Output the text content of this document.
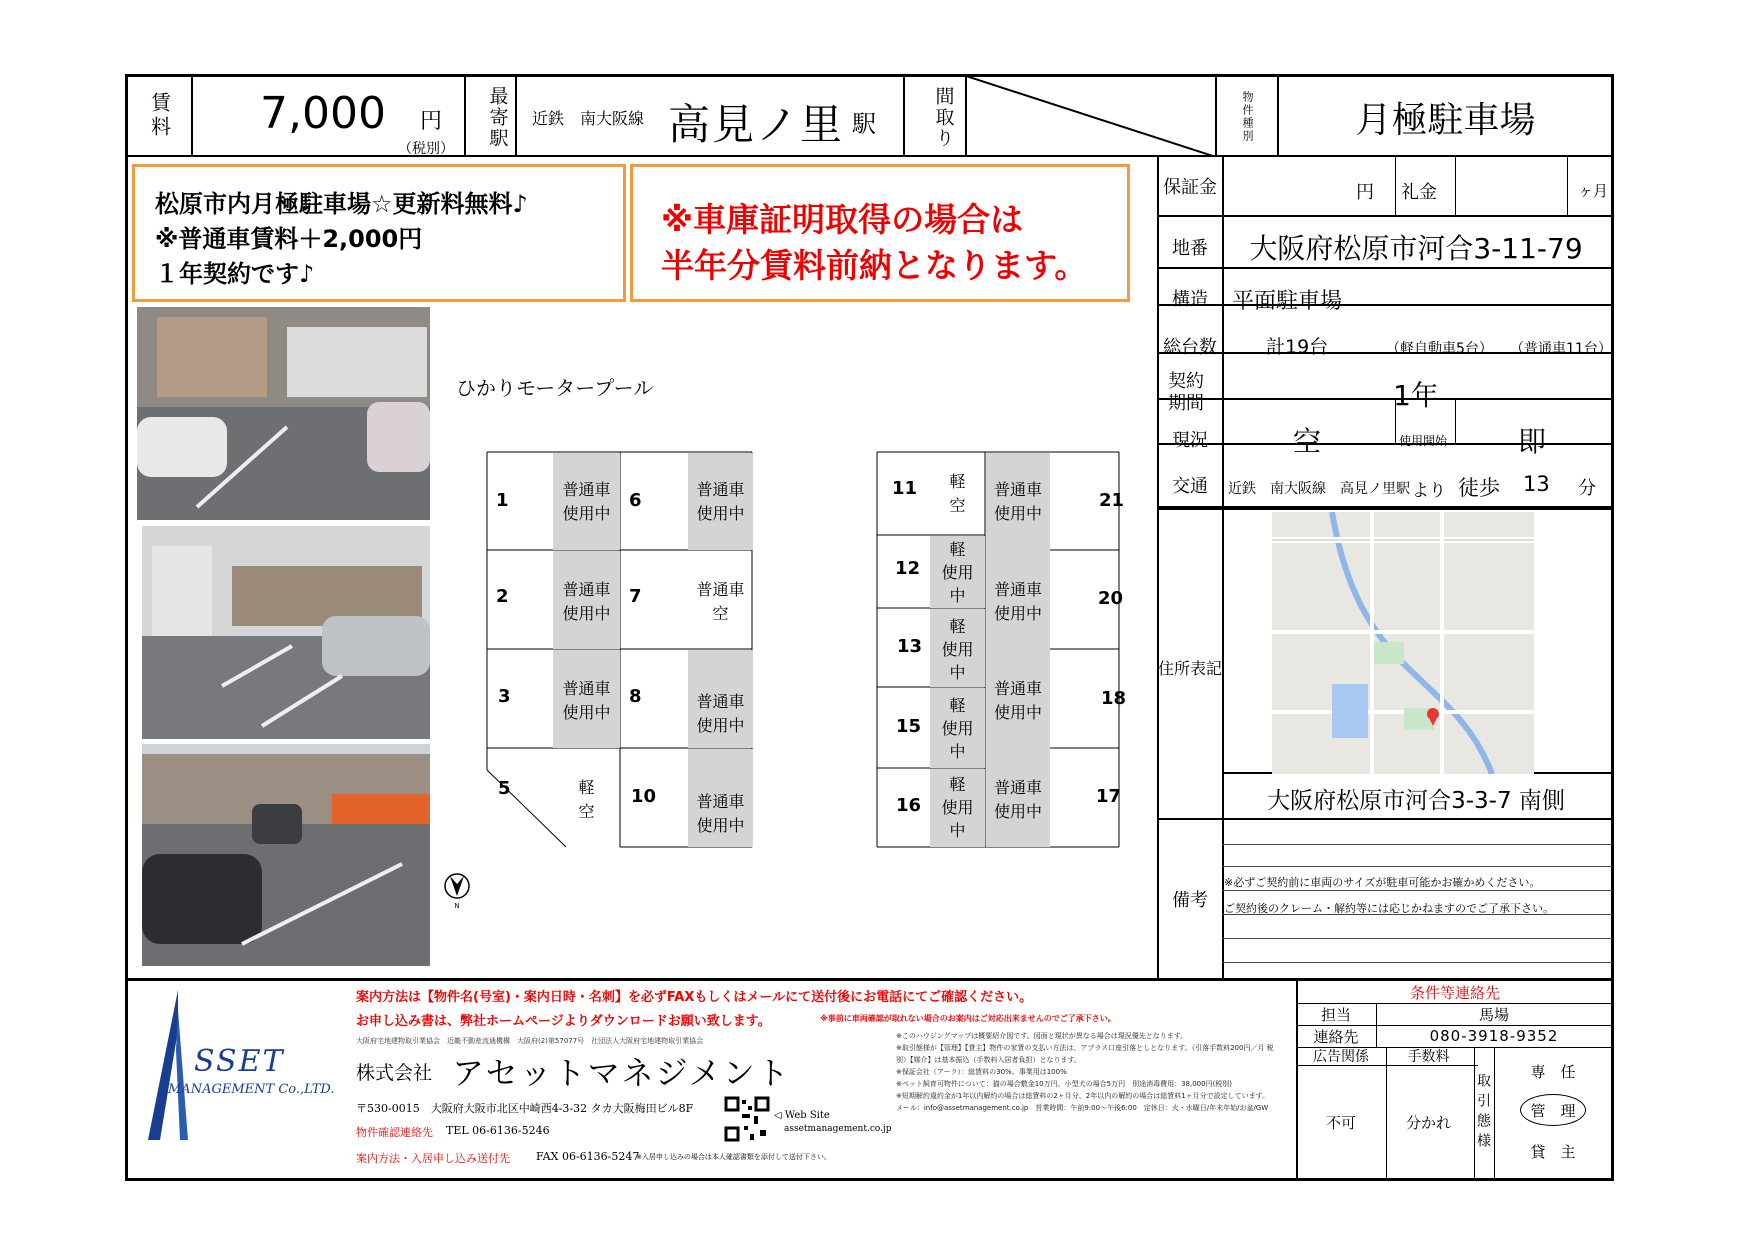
賃料 7,000 円
（税別）
最寄駅	近鉄　南大阪線 高見ノ里 駅	間取り	物件種別	月極駐車場
松原市内月極駐車場☆更新料無料♪
※普通車賃料＋2,000円
１年契約です♪
※車庫証明取得の場合は
半年分賃料前納となります。
ひかりモータープール
1
2
3
5
6
7
8
10
普通車
使用中
普通車
使用中
普通車
使用中
軽
空
普通車
使用中
普通車
空
普通車
使用中
普通車
使用中
11
12
13
15
16
21
20
18
17
軽
空
軽
使用
中
軽
使用
中
軽
使用
中
軽
使用
中
普通車
使用中
普通車
使用中
普通車
使用中
普通車
使用中
N
保証金	円 礼金	ヶ月
地番	大阪府松原市河合3-11-79
構造	平面駐車場
総台数	計19台	（軽自動車5台） （普通車11台）
契約期間	1年
現況	空	使用開始	即
交通	近鉄　南大阪線　高見ノ里駅 より 徒歩 13 分
住所表記
大阪府松原市河合3-3-7 南側
備考
※必ずご契約前に車両のサイズが駐車可能かお確かめください。
ご契約後のクレーム・解約等には応じかねますのでご了承下さい。
SSET
MANAGEMENT Co.,LTD.
案内方法は【物件名(号室)・案内日時・名刺】を必ずFAXもしくはメールにて送付後にお電話にてご確認ください。
お申し込み書は、弊社ホームページよりダウンロードお願い致します。	※事前に車両確認が取れない場合のお案内はご対応出来ませんのでご了承下さい。
大阪府宅地建物取引業協会　近畿不動産流通機構　大阪府(2)第57077号　社団法人大阪府宅地建物取引業協会
株式会社 アセットマネジメント
〒530-0015　大阪府大阪市北区中崎西4-3-32 タカ大阪梅田ビル8F
物件確認連絡先 TEL 06-6136-5246
案内方法・入居申し込み送付先 FAX 06-6136-5247
※入居申し込みの場合は本人確認書類を添付して送付下さい。
◁ Web Site
assetmanagement.co.jp
※このハウジングマップは概要紹介図です。図面と現状が異なる場合は現況優先となります。
※取引態様が【管理】【貸主】物件の家賃の支払い方法は、アプラス口座引落としとなります。（引落手数料200円／月 税別）【媒介】は基本振込（手数料入居者負担）となります。
※保証会社（アーク）：総賃料の30%、事業用は100%
※ペット飼育可物件について：猫の場合敷金10万円、小型犬の場合5万円　別途消毒費用：38,000円(税別)
※短期解約違約金が1年以内解約の場合は総賃料の2ヶ月分、2年以内の解約の場合は総賃料1ヶ月分で設定しています。
メール：info@assetmanagement.co.jp　営業時間：午前9:00〜午後6:00　定休日：火・水曜日/年末年始/お盆/GW
条件等連絡先
担当	馬場
連絡先	080-3918-9352
広告関係	手数料
不可	分かれ	取引態様
専　任
管　理
貸　主
